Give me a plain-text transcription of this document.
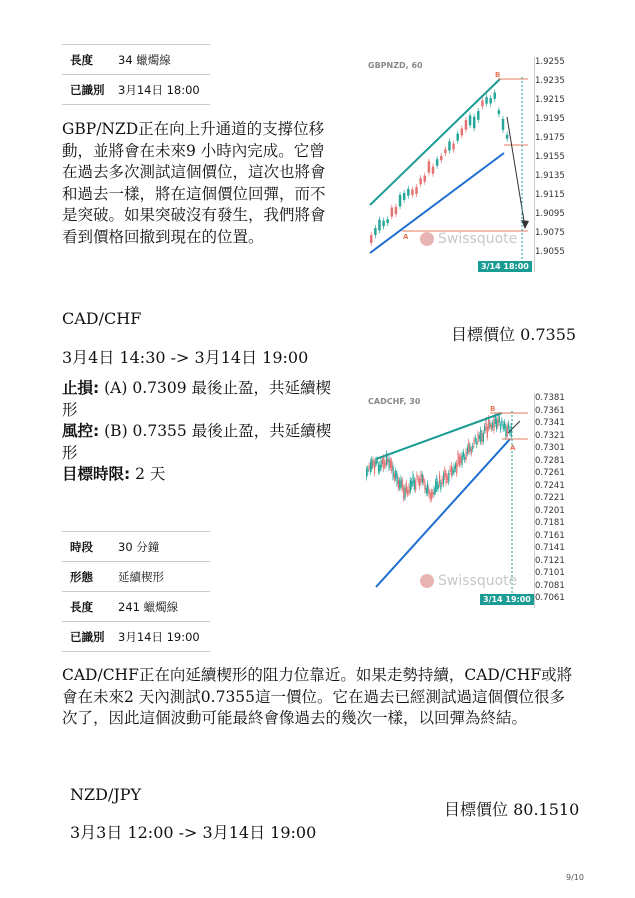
長度	34 蠟燭線
已識別	3月14日 18:00
GBP/NZD正在向上升通道的支撐位移動，並將會在未來9 小時內完成。它曾在過去多次測試這個價位，這次也將會和過去一樣，將在這個價位回彈，而不是突破。如果突破沒有發生，我們將會看到價格回撤到現在的位置。
GBPNZD, 60
A
B
Swissquote
3/14 18:00
1.9255
1.9235
1.9215
1.9195
1.9175
1.9155
1.9135
1.9115
1.9095
1.9075
1.9055
CAD/CHF
目標價位 0.7355
3月4日 14:30 -> 3月14日 19:00
止損: (A) 0.7309 最後止盈，共延續楔形
風控: (B) 0.7355 最後止盈，共延續楔形
目標時限: 2 天
CADCHF, 30
B
A
Swissquote
3/14 19:00
0.7381
0.7361
0.7341
0.7321
0.7301
0.7281
0.7261
0.7241
0.7221
0.7201
0.7181
0.7161
0.7141
0.7121
0.7101
0.7081
0.7061
時段	30 分鐘
形態	延續楔形
長度	241 蠟燭線
已識別	3月14日 19:00
CAD/CHF正在向延續楔形的阻力位靠近。如果走勢持續，CAD/CHF或將會在未來2 天內測試0.7355這一價位。它在過去已經測試過這個價位很多次了，因此這個波動可能最終會像過去的幾次一樣，以回彈為終結。
NZD/JPY
目標價位 80.1510
3月3日 12:00 -> 3月14日 19:00
9/10
